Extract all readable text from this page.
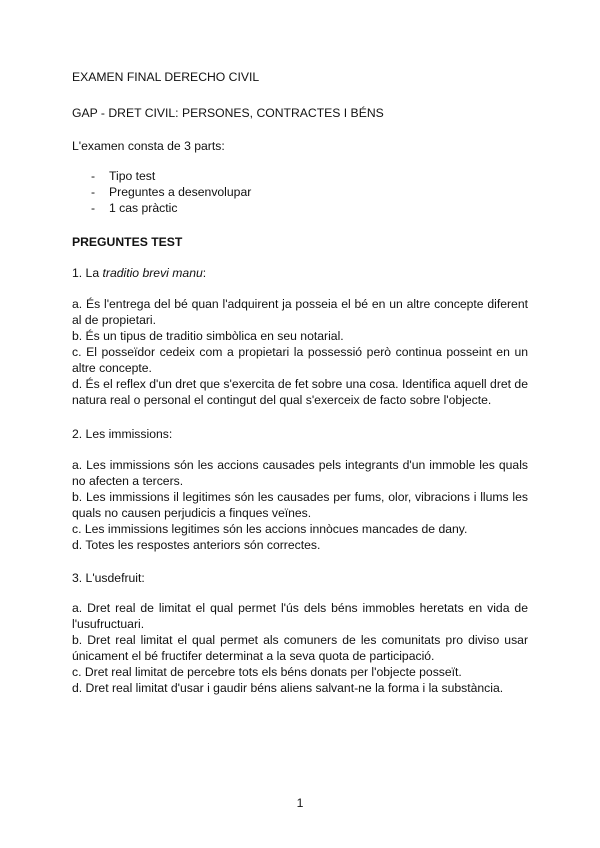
EXAMEN FINAL DERECHO CIVIL
GAP - DRET CIVIL: PERSONES, CONTRACTES I BÉNS
L'examen consta de 3 parts:
- Tipo test
- Preguntes a desenvolupar
- 1 cas pràctic
PREGUNTES TEST
1. La traditio brevi manu:
a. És l'entrega del bé quan l'adquirent ja posseia el bé en un altre concepte diferent al de propietari.
b. És un tipus de traditio simbòlica en seu notarial.
c. El posseïdor cedeix com a propietari la possessió però continua posseint en un altre concepte.
d. És el reflex d'un dret que s'exercita de fet sobre una cosa. Identifica aquell dret de natura real o personal el contingut del qual s'exerceix de facto sobre l'objecte.
2. Les immissions:
a. Les immissions són les accions causades pels integrants d'un immoble les quals no afecten a tercers.
b. Les immissions il legitimes són les causades per fums, olor, vibracions i llums les quals no causen perjudicis a finques veïnes.
c. Les immissions legitimes són les accions innòcues mancades de dany.
d. Totes les respostes anteriors són correctes.
3. L'usdefruit:
a. Dret real de limitat el qual permet l'ús dels béns immobles heretats en vida de l'usufructuari.
b. Dret real limitat el qual permet als comuners de les comunitats pro diviso usar únicament el bé fructifer determinat a la seva quota de participació.
c. Dret real limitat de percebre tots els béns donats per l'objecte posseït.
d. Dret real limitat d'usar i gaudir béns aliens salvant-ne la forma i la substància.
1
